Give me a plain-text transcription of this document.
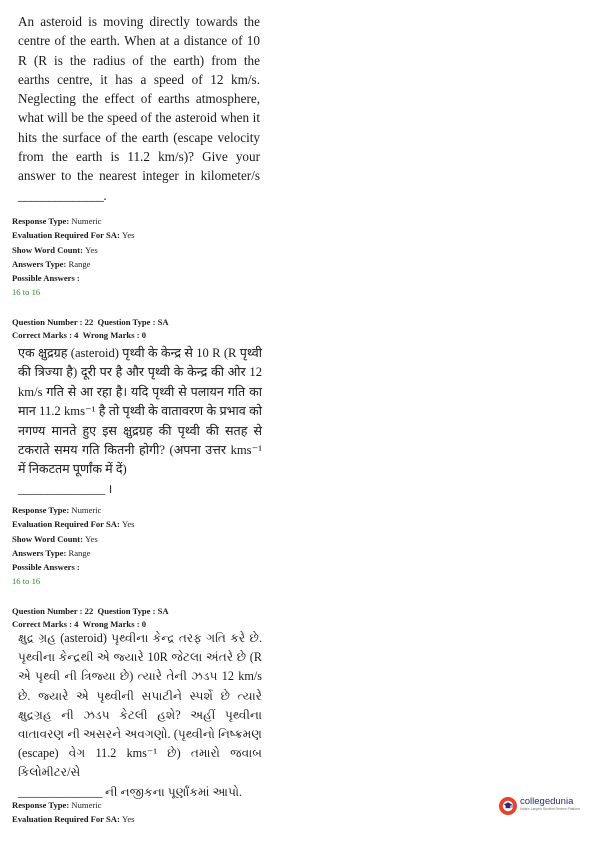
An asteroid is moving directly towards the centre of the earth. When at a distance of 10 R (R is the radius of the earth) from the earths centre, it has a speed of 12 km/s. Neglecting the effect of earths atmosphere, what will be the speed of the asteroid when it hits the surface of the earth (escape velocity from the earth is 11.2 km/s)? Give your answer to the nearest integer in kilometer/s ______________.

Response Type: Numeric
Evaluation Required For SA: Yes
Show Word Count: Yes
Answers Type: Range
Possible Answers :
16 to 16
Question Number : 22 Question Type : SA
Correct Marks : 4 Wrong Marks : 0

एक क्षुद्रग्रह (asteroid) पृथ्वी के केन्द्र से 10 R (R पृथ्वी की त्रिज्या है) दूरी पर है और पृथ्वी के केन्द्र की ओर 12 km/s गति से आ रहा है। यदि पृथ्वी से पलायन गति का मान 11.2 kms⁻¹ है तो पृथ्वी के वातावरण के प्रभाव को नगण्य मानते हुए इस क्षुद्रग्रह की पृथ्वी की सतह से टकराते समय गति कितनी होगी? (अपना उत्तर kms⁻¹ में निकटतम पूर्णांक में दें)
_______________ ।

Response Type: Numeric
Evaluation Required For SA: Yes
Show Word Count: Yes
Answers Type: Range
Possible Answers :
16 to 16
Question Number : 22 Question Type : SA
Correct Marks : 4 Wrong Marks : 0

ક્ષુદ્ર ગ્રહ (asteroid) પૃથ્વીના કેન્દ્ર તરફ ગતિ કરે છે. પૃથ્વીના કેન્દ્રથી એ જ્યારે 10R જેટલા અંતરે છે (R એ પૃથ્વી ની ત્રિજ્યા છે) ત્યારે તેની ઝડપ 12 km/s છે. જ્યારે એ પૃથ્વીની સપાટીને સ્પર્શે છે ત્યારે ક્ષુદ્રગ્રહ ની ઝડપ કેટલી હશે? અહીં પૃથ્વીના વાતાવરણ ની અસરને અવગણો. (પૃથ્વીનો નિષ્ક્રમણ (escape) વેગ 11.2 kms⁻¹ છે) તમારો જવાબ કિલોમીટર/સે
_______________ ની નજીકના પૂર્ણાંકમાં આપો.

Response Type: Numeric
Evaluation Required For SA: Yes
collegedunia
India's Largest Student Review Platform
